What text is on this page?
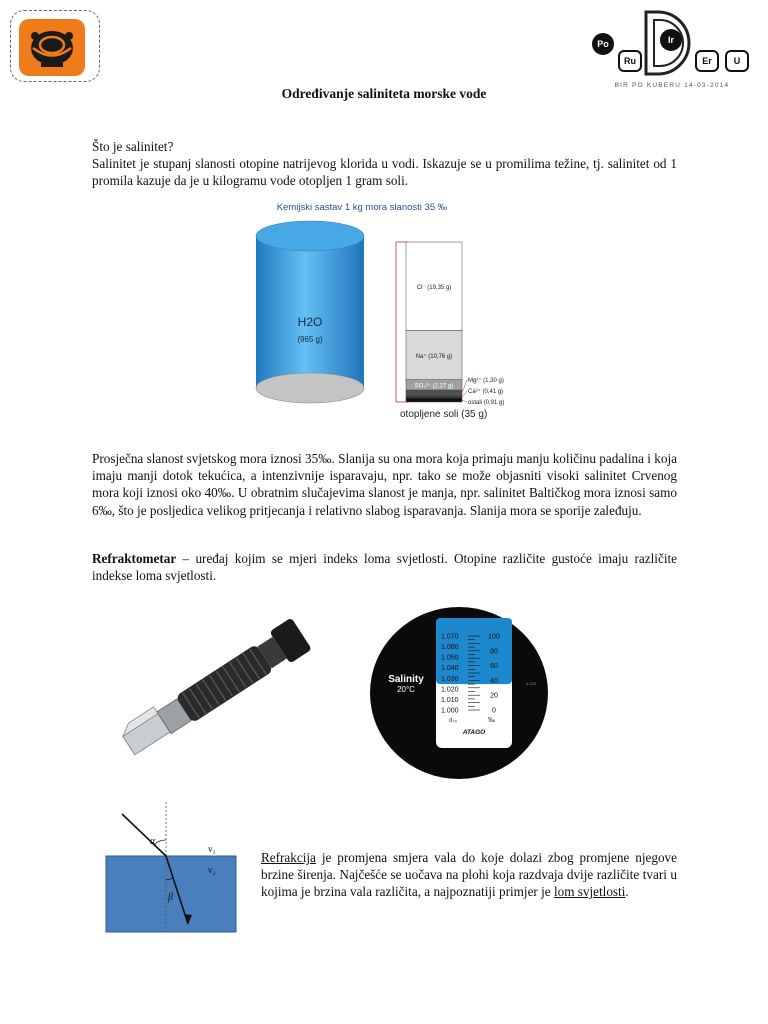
Po	Ir
Ru	Er U
BIR PO KUBERU 14-03-2014
Određivanje saliniteta morske vode
Što je salinitet?
Salinitet je stupanj slanosti otopine natrijevog klorida u vodi. Iskazuje se u promilima težine, tj. salinitet od 1 promila kazuje da je u kilogramu vode otopljen 1 gram soli.
Kemijski sastav 1 kg mora slanosti 35 ‰
H2O
(965 g)
Cl⁻ (19,35 g)
Na⁺ (10,76 g)
SO₄²⁻ (2,27 g)
Mg²⁺ (1,30 g)
Ca²⁺ (0,41 g)
ostali (0,91 g)
otopljene soli (35 g)
Prosječna slanost svjetskog mora iznosi 35‰. Slanija su ona mora koja primaju manju količinu padalina i koja imaju manji dotok tekućica, a intenzivnije isparavaju, npr. tako se može objasniti visoki salinitet Crvenog mora koji iznosi oko 40‰. U obratnim slučajevima slanost je manja, npr. salinitet Baltičkog mora iznosi samo 6‰, što je posljedica velikog pritjecanja i relativno slabog isparavanja. Slanija mora se sporije zaleđuju.
Refraktometar – uređaj kojim se mjeri indeks loma svjetlosti. Otopine različite gustoće imaju različite indekse loma svjetlosti.
1.070
1.060
1.050
1.040
1.030
1.020
1.010
1.000
100
80
60
40
20
0
d₂₀	‰
ATAGO
Salinity
20°C
4-333
α
β
v₁
v₂
Refrakcija je promjena smjera vala do koje dolazi zbog promjene njegove brzine širenja. Najčešće se uočava na plohi koja razdvaja dvije različite tvari u kojima je brzina vala različita, a najpoznatiji primjer je lom svjetlosti.
